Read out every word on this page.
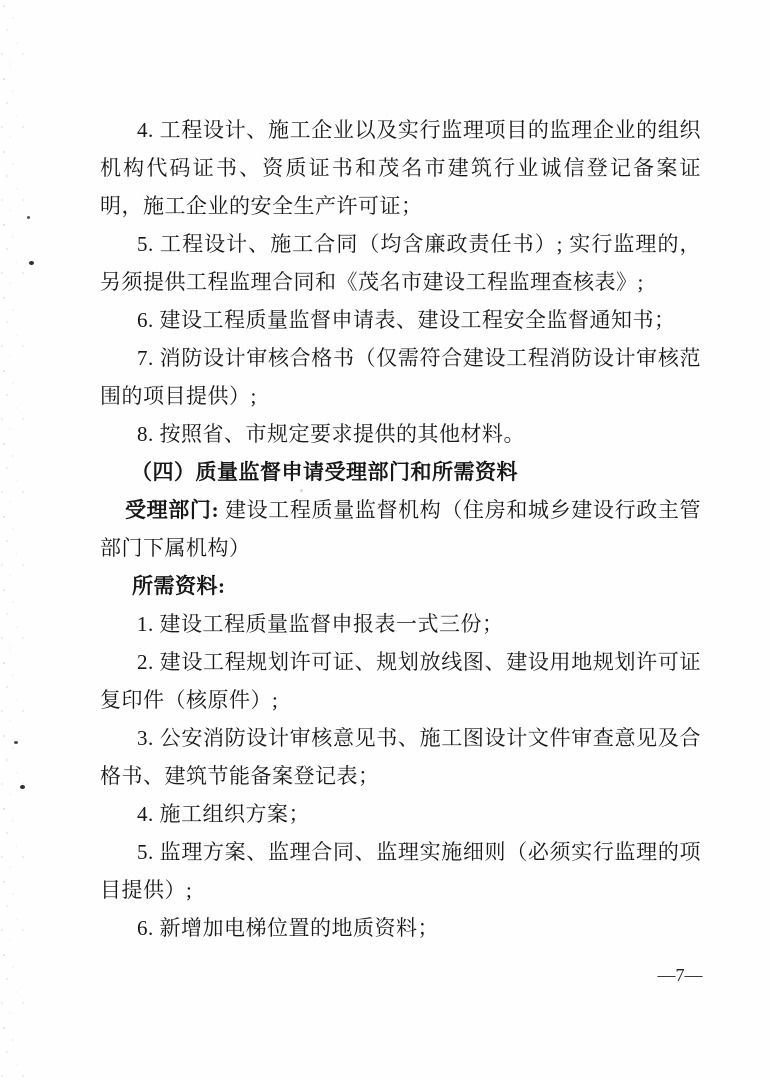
4. 工程设计、施工企业以及实行监理项目的监理企业的组织机构代码证书、资质证书和茂名市建筑行业诚信登记备案证明，施工企业的安全生产许可证；

5. 工程设计、施工合同（均含廉政责任书）; 实行监理的，另须提供工程监理合同和《茂名市建设工程监理查核表》;

6. 建设工程质量监督申请表、建设工程安全监督通知书；

7. 消防设计审核合格书（仅需符合建设工程消防设计审核范围的项目提供）;

8. 按照省、市规定要求提供的其他材料。

（四）质量监督申请受理部门和所需资料

受理部门: 建设工程质量监督机构（住房和城乡建设行政主管部门下属机构）

所需资料:

1. 建设工程质量监督申报表一式三份；

2. 建设工程规划许可证、规划放线图、建设用地规划许可证复印件（核原件）;

3. 公安消防设计审核意见书、施工图设计文件审查意见及合格书、建筑节能备案登记表；

4. 施工组织方案；

5. 监理方案、监理合同、监理实施细则（必须实行监理的项目提供）;

6. 新增加电梯位置的地质资料；

—7—
